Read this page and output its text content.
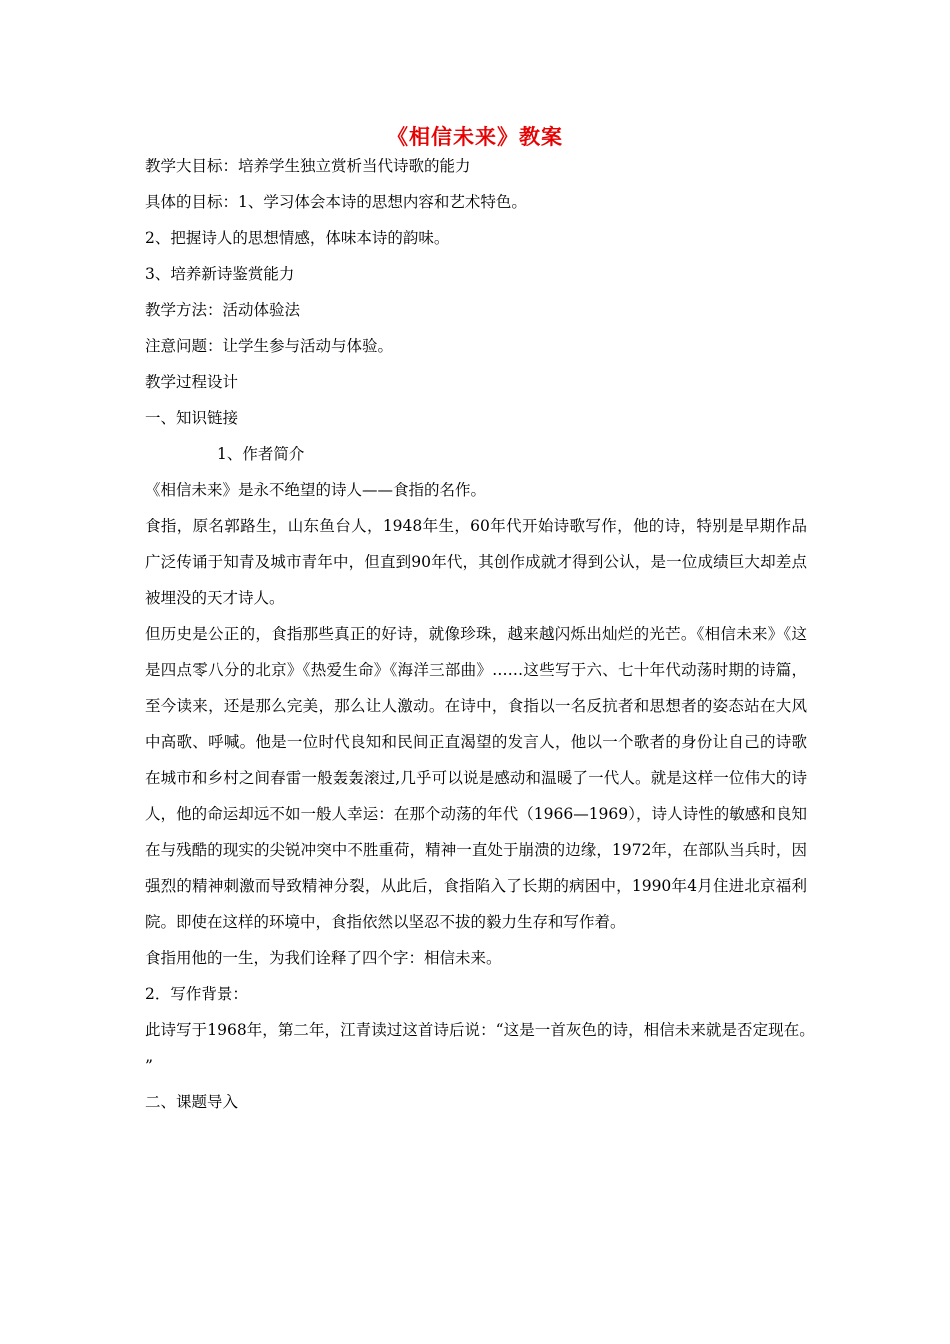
《相信未来》教案

教学大目标：培养学生独立赏析当代诗歌的能力

具体的目标：1、学习体会本诗的思想内容和艺术特色。

2、把握诗人的思想情感，体味本诗的韵味。

3、培养新诗鉴赏能力

教学方法：活动体验法

注意问题：让学生参与活动与体验。

教学过程设计

一、知识链接

1、作者简介

《相信未来》是永不绝望的诗人——食指的名作。

食指，原名郭路生，山东鱼台人，1948年生，60年代开始诗歌写作，他的诗，特别是早期作品广泛传诵于知青及城市青年中，但直到90年代，其创作成就才得到公认，是一位成绩巨大却差点被埋没的天才诗人。

但历史是公正的，食指那些真正的好诗，就像珍珠，越来越闪烁出灿烂的光芒。《相信未来》《这是四点零八分的北京》《热爱生命》《海洋三部曲》……这些写于六、七十年代动荡时期的诗篇，至今读来，还是那么完美，那么让人激动。在诗中，食指以一名反抗者和思想者的姿态站在大风中高歌、呼喊。他是一位时代良知和民间正直渴望的发言人，他以一个歌者的身份让自己的诗歌在城市和乡村之间春雷一般轰轰滚过,几乎可以说是感动和温暖了一代人。就是这样一位伟大的诗人，他的命运却远不如一般人幸运：在那个动荡的年代（1966—1969），诗人诗性的敏感和良知在与残酷的现实的尖锐冲突中不胜重荷，精神一直处于崩溃的边缘，1972年，在部队当兵时，因强烈的精神刺激而导致精神分裂，从此后，食指陷入了长期的病困中，1990年4月住进北京福利院。即使在这样的环境中，食指依然以坚忍不拔的毅力生存和写作着。

食指用他的一生，为我们诠释了四个字：相信未来。

2．写作背景：

此诗写于1968年，第二年，江青读过这首诗后说：“这是一首灰色的诗，相信未来就是否定现在。”

二、课题导入
